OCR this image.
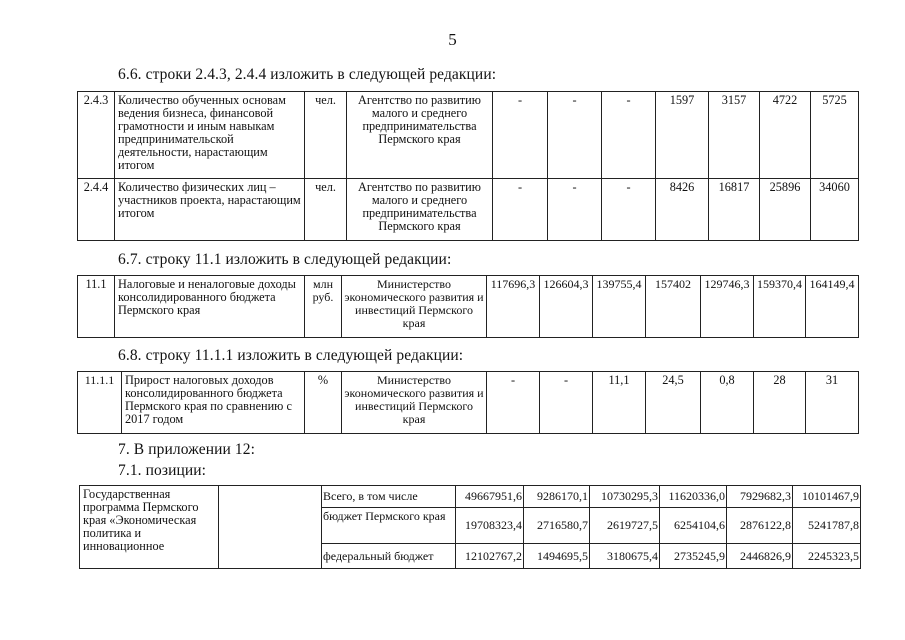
5
6.6. строки 2.4.3, 2.4.4 изложить в следующей редакции:
2.4.3	Количество обученных основам ведения бизнеса, финансовой грамотности и иным навыкам предпринимательской деятельности, нарастающим итогом	чел.	Агентство по развитию малого и среднего предпринимательства Пермского края	-	-	-	1597	3157	4722	5725
2.4.4	Количество физических лиц – участников проекта, нарастающим итогом	чел.	Агентство по развитию малого и среднего предпринимательства Пермского края	-	-	-	8426	16817	25896	34060
6.7. строку 11.1 изложить в следующей редакции:
11.1	Налоговые и неналоговые доходы консолидированного бюджета Пермского края	млн руб.	Министерство экономического развития и инвестиций Пермского края	117696,3	126604,3	139755,4	157402	129746,3	159370,4	164149,4
6.8. строку 11.1.1 изложить в следующей редакции:
11.1.1	Прирост налоговых доходов консолидированного бюджета Пермского края по сравнению с 2017 годом	%	Министерство экономического развития и инвестиций Пермского края	-	-	11,1	24,5	0,8	28	31
7. В приложении 12:
7.1. позиции:
Государственная программа Пермского края «Экономическая политика и инновационное		Всего, в том числе	49667951,6	9286170,1	10730295,3	11620336,0	7929682,3	10101467,9
		бюджет Пермского края	19708323,4	2716580,7	2619727,5	6254104,6	2876122,8	5241787,8
		федеральный бюджет	12102767,2	1494695,5	3180675,4	2735245,9	2446826,9	2245323,5
